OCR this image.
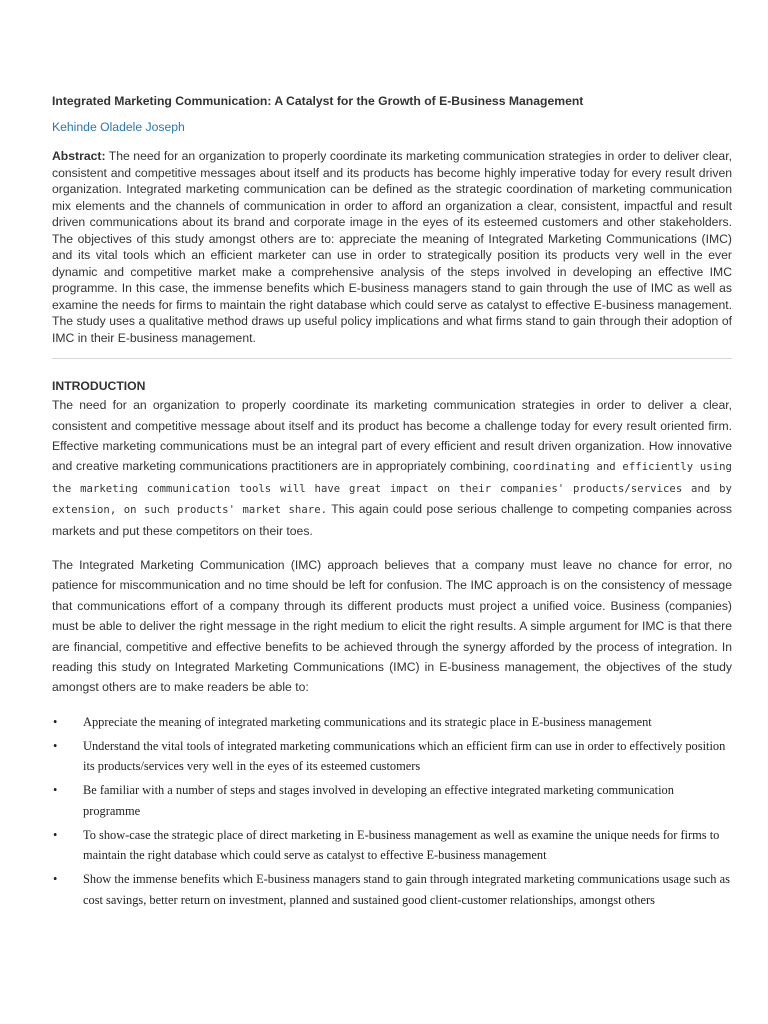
Integrated Marketing Communication: A Catalyst for the Growth of E-Business Management
Kehinde Oladele Joseph

Abstract: The need for an organization to properly coordinate its marketing communication strategies in order to deliver clear, consistent and competitive messages about itself and its products has become highly imperative today for every result driven organization. Integrated marketing communication can be defined as the strategic coordination of marketing communication mix elements and the channels of communication in order to afford an organization a clear, consistent, impactful and result driven communications about its brand and corporate image in the eyes of its esteemed customers and other stakeholders. The objectives of this study amongst others are to: appreciate the meaning of Integrated Marketing Communications (IMC) and its vital tools which an efficient marketer can use in order to strategically position its products very well in the ever dynamic and competitive market make a comprehensive analysis of the steps involved in developing an effective IMC programme. In this case, the immense benefits which E-business managers stand to gain through the use of IMC as well as examine the needs for firms to maintain the right database which could serve as catalyst to effective E-business management. The study uses a qualitative method draws up useful policy implications and what firms stand to gain through their adoption of IMC in their E-business management.

INTRODUCTION

The need for an organization to properly coordinate its marketing communication strategies in order to deliver a clear, consistent and competitive message about itself and its product has become a challenge today for every result oriented firm. Effective marketing communications must be an integral part of every efficient and result driven organization. How innovative and creative marketing communications practitioners are in appropriately combining, coordinating and efficiently using the marketing communication tools will have great impact on their companies' products/services and by extension, on such products' market share. This again could pose serious challenge to competing companies across markets and put these competitors on their toes.

The Integrated Marketing Communication (IMC) approach believes that a company must leave no chance for error, no patience for miscommunication and no time should be left for confusion. The IMC approach is on the consistency of message that communications effort of a company through its different products must project a unified voice. Business (companies) must be able to deliver the right message in the right medium to elicit the right results. A simple argument for IMC is that there are financial, competitive and effective benefits to be achieved through the synergy afforded by the process of integration. In reading this study on Integrated Marketing Communications (IMC) in E-business management, the objectives of the study amongst others are to make readers be able to:

• Appreciate the meaning of integrated marketing communications and its strategic place in E-business management
• Understand the vital tools of integrated marketing communications which an efficient firm can use in order to effectively position its products/services very well in the eyes of its esteemed customers
• Be familiar with a number of steps and stages involved in developing an effective integrated marketing communication programme
• To show-case the strategic place of direct marketing in E-business management as well as examine the unique needs for firms to maintain the right database which could serve as catalyst to effective E-business management
• Show the immense benefits which E-business managers stand to gain through integrated marketing communications usage such as cost savings, better return on investment, planned and sustained good client-customer relationships, amongst others
